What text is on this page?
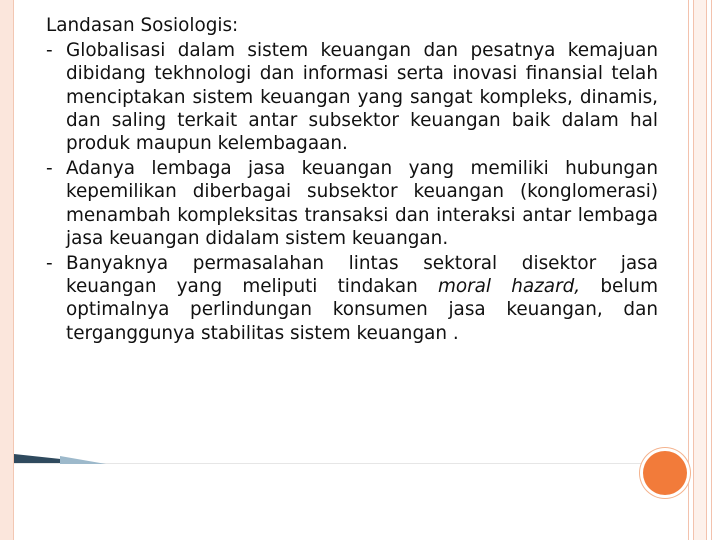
Landasan Sosiologis:

- Globalisasi dalam sistem keuangan dan pesatnya kemajuan dibidang tekhnologi dan informasi serta inovasi finansial telah menciptakan sistem keuangan yang sangat kompleks, dinamis, dan saling terkait antar subsektor keuangan baik dalam hal produk maupun kelembagaan.

- Adanya lembaga jasa keuangan yang memiliki hubungan kepemilikan diberbagai subsektor keuangan (konglomerasi) menambah kompleksitas transaksi dan interaksi antar lembaga jasa keuangan didalam sistem keuangan.

- Banyaknya permasalahan lintas sektoral disektor jasa keuangan yang meliputi tindakan moral hazard, belum optimalnya perlindungan konsumen jasa keuangan, dan terganggunya stabilitas sistem keuangan .
